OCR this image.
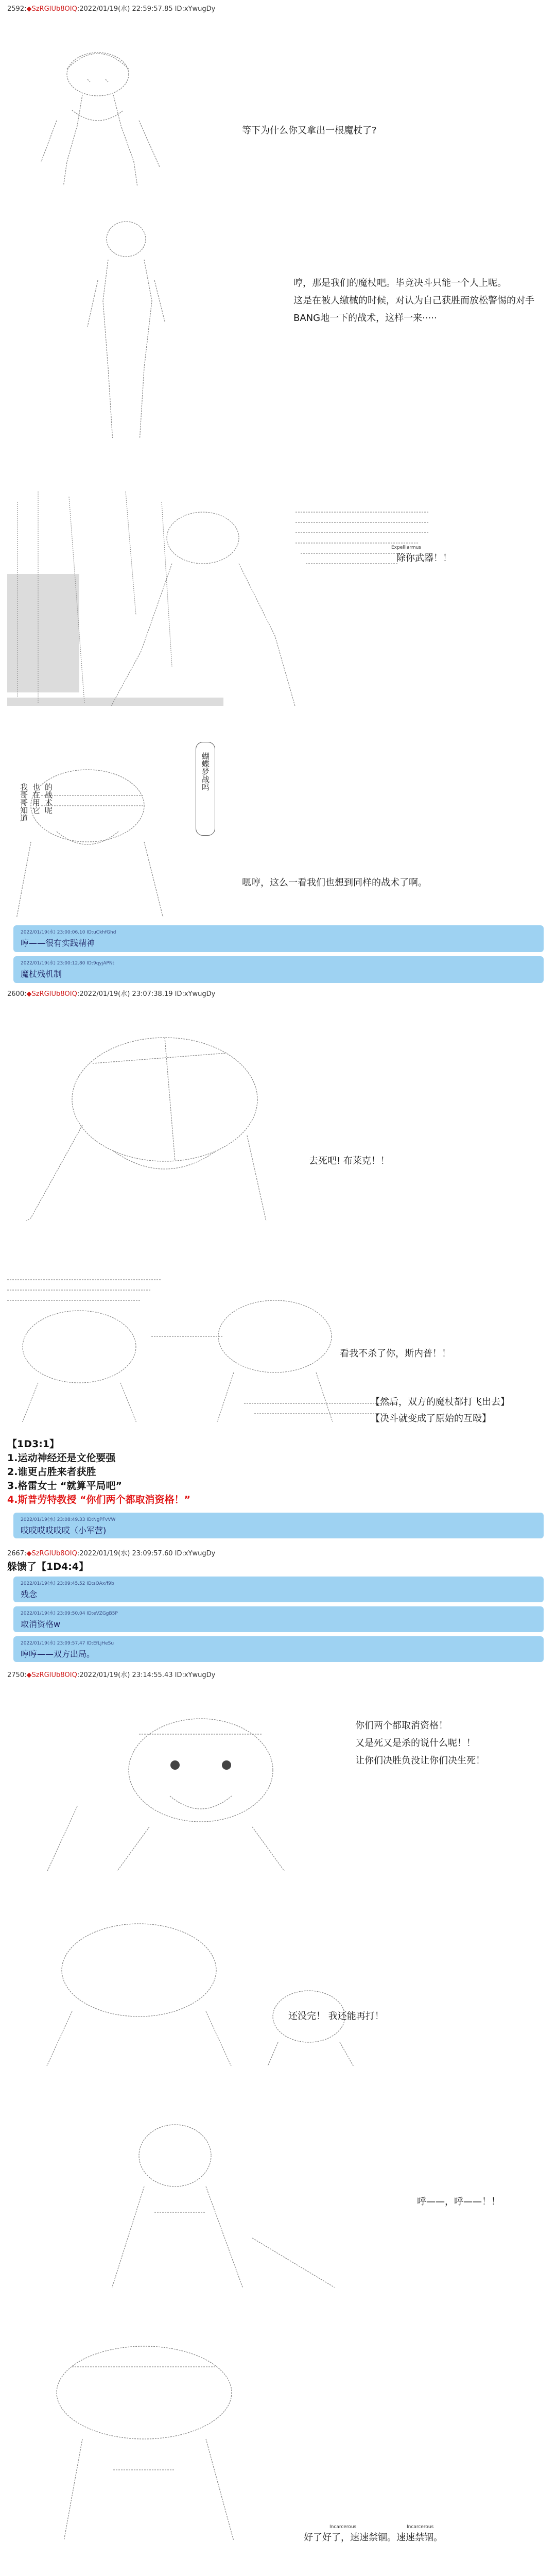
2592:◆SzRGIUb8OIQ:2022/01/19(水) 22:59:57.85 ID:xYwugDy

等下为什么你又拿出一根魔杖了?

哼，那是我们的魔杖吧。毕竟决斗只能一个人上呢。
这是在被人缴械的时候，对认为自己获胜而放松警惕的对手
BANG地一下的战术，这样一来·····

Expelliarmus
除你武器！！

我哥哥知道 也在用它 的战术呢
蝴蝶梦战吗
嗯哼，这么一看我们也想到同样的战术了啊。
2022/01/19(水) 23:00:06.10 ID:uCkhfGhd
哼——很有实践精神
2022/01/19(水) 23:00:12.80 ID:9qyjAPNt
魔杖残机制
2600:◆SzRGIUb8OIQ:2022/01/19(水) 23:07:38.19 ID:xYwugDy

去死吧! 布莱克！！

看我不杀了你，斯内普！！
【然后，双方的魔杖都打飞出去】
【决斗就变成了原始的互殴】
【1D3:1】
1.运动神经还是文伦要强
2.谁更占胜来者获胜
3.格雷女士 “就算平局吧”
4.斯普劳特教授 “你们两个都取消资格！”
2022/01/19(水) 23:08:49.33 ID:NgPFvVW
哎哎哎哎哎哎（小军营)
2667:◆SzRGIUb8OIQ:2022/01/19(水) 23:09:57.60 ID:xYwugDy
躲馈了【1D4:4】
2022/01/19(水) 23:09:45.52 ID:sOAx/f9b
残念
2022/01/19(水) 23:09:50.04 ID:eVZGgB5P
取消资格w
2022/01/19(水) 23:09:57.47 ID:EfLjHeSu
哼哼——双方出局。
2750:◆SzRGIUb8OIQ:2022/01/19(水) 23:14:55.43 ID:xYwugDy

你们两个都取消资格！
又是死又是杀的说什么呢！！
让你们决胜负没让你们决生死！

还没完！ 我还能再打！

呼——，呼——！！

Incarcerous	Incarcerous
好了好了，速速禁锢。速速禁锢。
